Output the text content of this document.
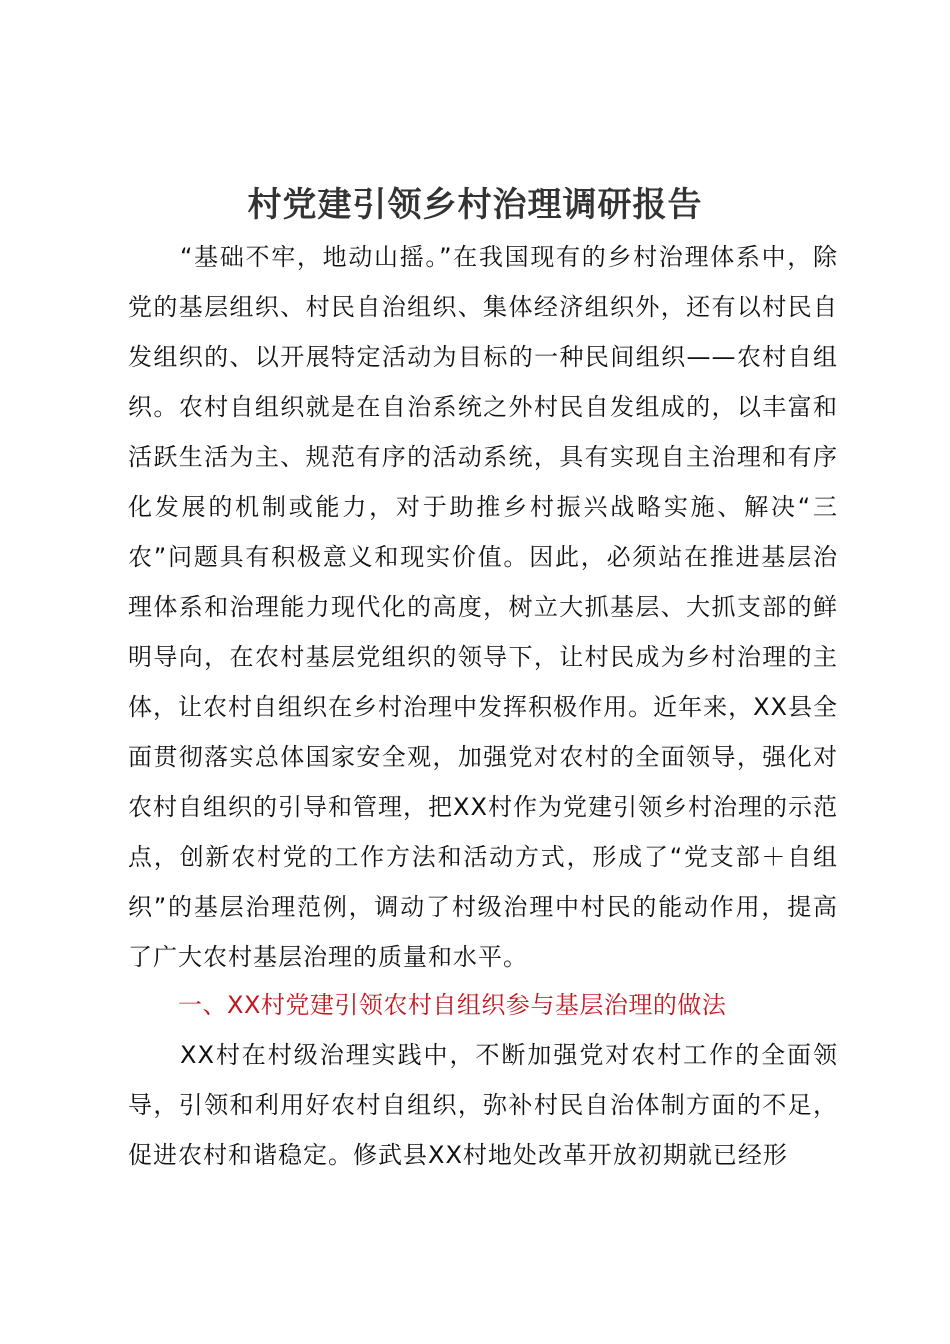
村党建引领乡村治理调研报告
“基础不牢，地动山摇。”在我国现有的乡村治理体系中，除党的基层组织、村民自治组织、集体经济组织外，还有以村民自发组织的、以开展特定活动为目标的一种民间组织——农村自组织。农村自组织就是在自治系统之外村民自发组成的，以丰富和活跃生活为主、规范有序的活动系统，具有实现自主治理和有序化发展的机制或能力，对于助推乡村振兴战略实施、解决“三农”问题具有积极意义和现实价值。因此，必须站在推进基层治理体系和治理能力现代化的高度，树立大抓基层、大抓支部的鲜明导向，在农村基层党组织的领导下，让村民成为乡村治理的主体，让农村自组织在乡村治理中发挥积极作用。近年来，XX县全面贯彻落实总体国家安全观，加强党对农村的全面领导，强化对农村自组织的引导和管理，把XX村作为党建引领乡村治理的示范点，创新农村党的工作方法和活动方式，形成了“党支部＋自组织”的基层治理范例，调动了村级治理中村民的能动作用，提高了广大农村基层治理的质量和水平。
一、XX村党建引领农村自组织参与基层治理的做法
XX村在村级治理实践中，不断加强党对农村工作的全面领导，引领和利用好农村自组织，弥补村民自治体制方面的不足，促进农村和谐稳定。修武县XX村地处改革开放初期就已经形
